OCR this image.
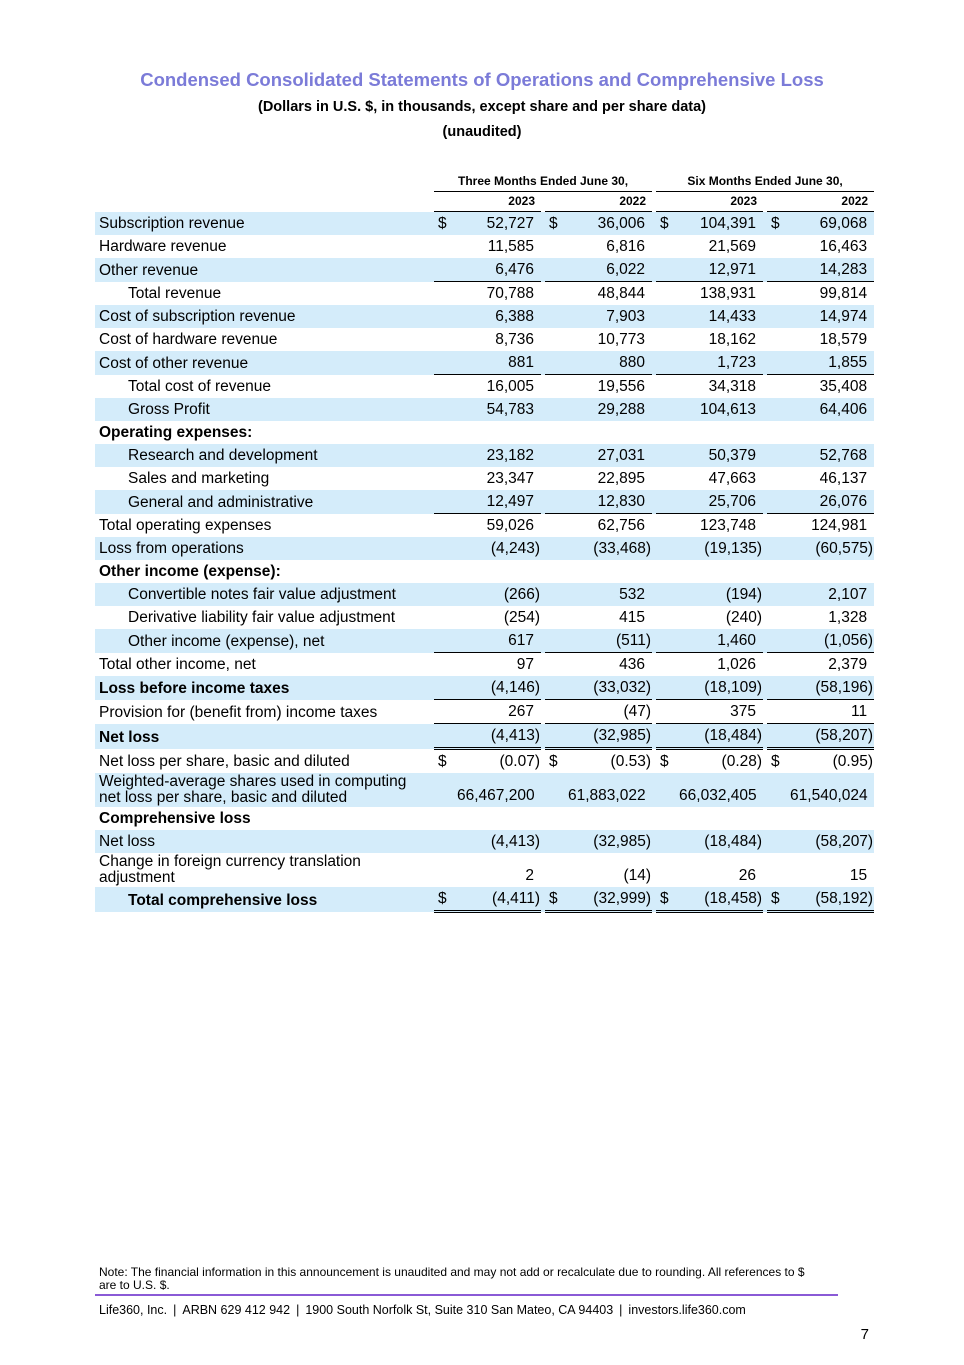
Condensed Consolidated Statements of Operations and Comprehensive Loss
(Dollars in U.S. $, in thousands, except share and per share data)
(unaudited)
		Three Months Ended June 30,						Six Months Ended June 30,				
		2023			2022			2023			2022	
Subscription revenue		$	52,727		$	36,006		$	104,391		$	69,068
Hardware revenue			11,585			6,816			21,569			16,463
Other revenue			6,476			6,022			12,971			14,283
Total revenue			70,788			48,844			138,931			99,814
Cost of subscription revenue			6,388			7,903			14,433			14,974
Cost of hardware revenue			8,736			10,773			18,162			18,579
Cost of other revenue			881			880			1,723			1,855
Total cost of revenue			16,005			19,556			34,318			35,408
Gross Profit			54,783			29,288			104,613			64,406
Operating expenses:												
Research and development			23,182			27,031			50,379			52,768
Sales and marketing			23,347			22,895			47,663			46,137
General and administrative			12,497			12,830			25,706			26,076
Total operating expenses			59,026			62,756			123,748			124,981
Loss from operations			(4,243)			(33,468)			(19,135)			(60,575)
Other income (expense):												
Convertible notes fair value adjustment			(266)			532			(194)			2,107
Derivative liability fair value adjustment			(254)			415			(240)			1,328
Other income (expense), net			617			(511)			1,460			(1,056)
Total other income, net			97			436			1,026			2,379
Loss before income taxes			(4,146)			(33,032)			(18,109)			(58,196)
Provision for (benefit from) income taxes			267			(47)			375			11
Net loss			(4,413)			(32,985)			(18,484)			(58,207)
Net loss per share, basic and diluted		$	(0.07)		$	(0.53)		$	(0.28)		$	(0.95)
Weighted-average shares used in computing net loss per share, basic and diluted			66,467,200			61,883,022			66,032,405			61,540,024
Comprehensive loss												
Net loss			(4,413)			(32,985)			(18,484)			(58,207)
Change in foreign currency translation adjustment			2			(14)			26			15
Total comprehensive loss		$	(4,411)		$	(32,999)		$	(18,458)		$	(58,192)
Note: The financial information in this announcement is unaudited and may not add or recalculate due to rounding. All references to $ are to U.S. $.
Life360, Inc. | ARBN 629 412 942 | 1900 South Norfolk St, Suite 310 San Mateo, CA 94403 | investors.life360.com
7
